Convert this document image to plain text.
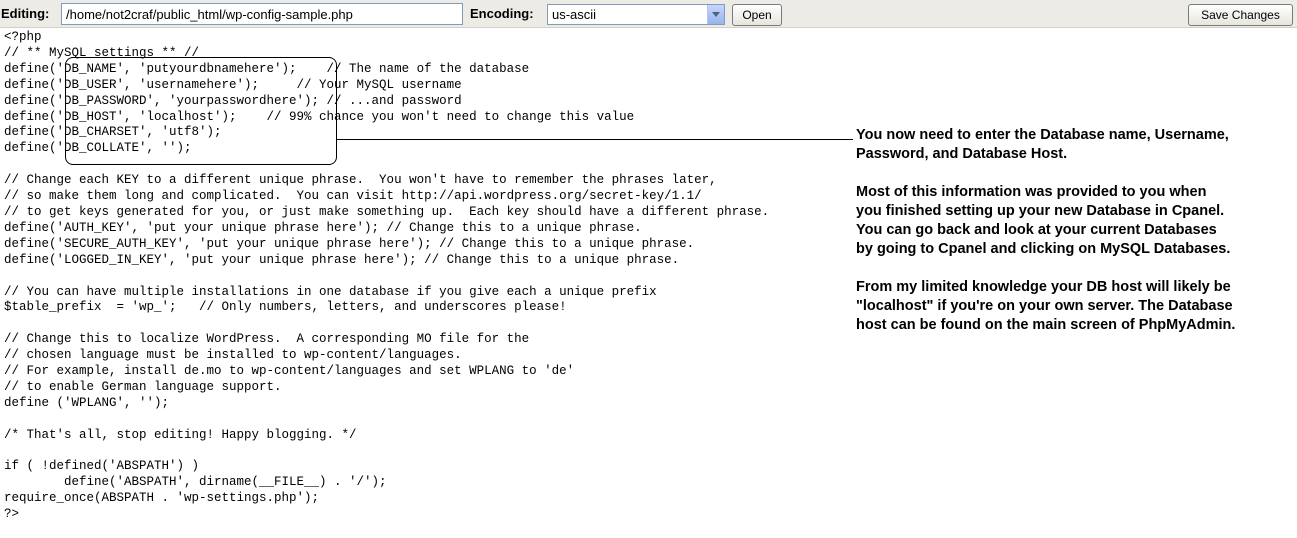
Editing:
/home/not2craf/public_html/wp-config-sample.php	Encoding:	us-ascii	Open	Save Changes
<?php
// ** MySQL settings ** //
define('DB_NAME', 'putyourdbnamehere');    // The name of the database
define('DB_USER', 'usernamehere');     // Your MySQL username
define('DB_PASSWORD', 'yourpasswordhere'); // ...and password
define('DB_HOST', 'localhost');    // 99% chance you won't need to change this value
define('DB_CHARSET', 'utf8');
define('DB_COLLATE', '');

// Change each KEY to a different unique phrase.  You won't have to remember the phrases later,
// so make them long and complicated.  You can visit http://api.wordpress.org/secret-key/1.1/
// to get keys generated for you, or just make something up.  Each key should have a different phrase.
define('AUTH_KEY', 'put your unique phrase here'); // Change this to a unique phrase.
define('SECURE_AUTH_KEY', 'put your unique phrase here'); // Change this to a unique phrase.
define('LOGGED_IN_KEY', 'put your unique phrase here'); // Change this to a unique phrase.

// You can have multiple installations in one database if you give each a unique prefix
$table_prefix  = 'wp_';   // Only numbers, letters, and underscores please!

// Change this to localize WordPress.  A corresponding MO file for the
// chosen language must be installed to wp-content/languages.
// For example, install de.mo to wp-content/languages and set WPLANG to 'de'
// to enable German language support.
define ('WPLANG', '');

/* That's all, stop editing! Happy blogging. */

if ( !defined('ABSPATH') )
define('ABSPATH', dirname(__FILE__) . '/');
require_once(ABSPATH . 'wp-settings.php');
?>

You now need to enter the Database name, Username, Password, and Database Host.

Most of this information was provided to you when you finished setting up your new Database in Cpanel. You can go back and look at your current Databases by going to Cpanel and clicking on MySQL Databases.

From my limited knowledge your DB host will likely be "localhost" if you're on your own server. The Database host can be found on the main screen of PhpMyAdmin.
